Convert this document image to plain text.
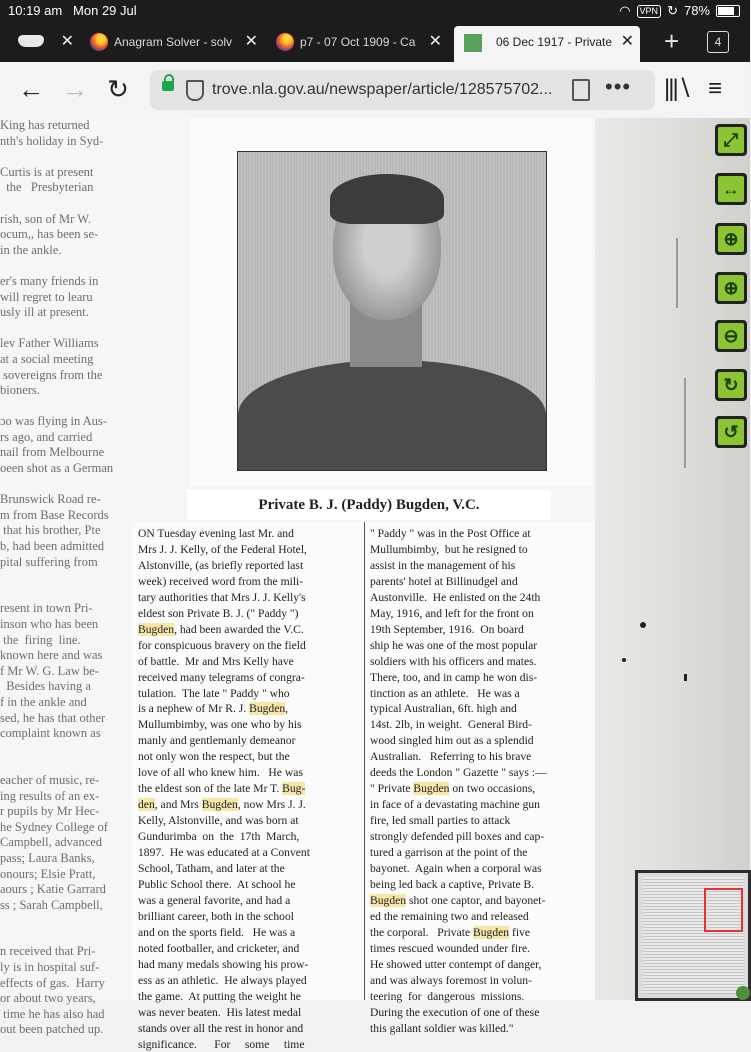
10:19 am Mon 29 Jul	◠	VPN ↻ 78%
✕	Anagram Solver - solv ✕	p7 - 07 Oct 1909 - Ca ✕	06 Dec 1917 - Private ✕ +	4
← → ↻	trove.nla.gov.au/newspaper/article/128575702... ••• |||∖ ≡
King has returned
nth's holiday in Syd-

Curtis is at present
the   Presbyterian

rish, son of Mr W.
ocum,, has been se-
in the ankle.

er's many friends in
will regret to learu
usly ill at present.

lev Father Williams
at a social meeting
sovereigns from the
bioners.

ɔo was flying in Aus-
rs ago, and carried
nail from Melbourne
oeen shot as a German

Brunswick Road re-
m from Base Records
that his brother, Pte
b, had been admitted
pital suffering from

resent in town Pri-
inson who has been
the  firing  line.
known here and was
f Mr W. G. Law be-
Besides having a
f in the ankle and
sed, he has that other
complaint known as

eacher of music, re-
ing results of an ex-
r pupils by Mr Hec-
he Sydney College of
Campbell, advanced
pass; Laura Banks,
onours; Elsie Pratt,
aours ; Katie Garrard
ss ; Sarah Campbell,

n received that Pri-
ly is in hospital suf-
effects of gas.  Harry
or about two years,
time he has also had
out been patched up.
Private B. J. (Paddy) Bugden, V.C.
ON Tuesday evening last Mr. and
Mrs J. J. Kelly, of the Federal Hotel,
Alstonville, (as briefly reported last
week) received word from the mili-
tary authorities that Mrs J. J. Kelly's
eldest son Private B. J. (" Paddy ")
Bugden, had been awarded the V.C.
for conspicuous bravery on the field
of battle.  Mr and Mrs Kelly have
received many telegrams of congra-
tulation.  The late " Paddy " who
is a nephew of Mr R. J. Bugden,
Mullumbimby, was one who by his
manly and gentlemanly demeanor
not only won the respect, but the
love of all who knew him.   He was
the eldest son of the late Mr T. Bug-
den, and Mrs Bugden, now Mrs J. J.
Kelly, Alstonville, and was born at
Gundurimba  on  the  17th  March,
1897.  He was educated at a Convent
School, Tatham, and later at the
Public School there.  At school he
was a general favorite, and had a
brilliant career, both in the school
and on the sports field.   He was a
noted footballer, and cricketer, and
had many medals showing his prow-
ess as an athletic.  He always played
the game.  At putting the weight he
was never beaten.  His latest medal
stands over all the rest in honor and
significance.      For     some     time
" Paddy " was in the Post Office at
Mullumbimby,  but he resigned to
assist in the management of his
parents' hotel at Billinudgel and
Austonville.  He enlisted on the 24th
May, 1916, and left for the front on
19th September, 1916.  On board
ship he was one of the most popular
soldiers with his officers and mates.
There, too, and in camp he won dis-
tinction as an athlete.   He was a
typical Australian, 6ft. high and
14st. 2lb, in weight.  General Bird-
wood singled him out as a splendid
Australian.   Referring to his brave
deeds the London " Gazette " says :—
" Private Bugden on two occasions,
in face of a devastating machine gun
fire, led small parties to attack
strongly defended pill boxes and cap-
tured a garrison at the point of the
bayonet.  Again when a corporal was
being led back a captive, Private B.
Bugden shot one captor, and bayonet-
ed the remaining two and released
the corporal.   Private Bugden five
times rescued wounded under fire.
He showed utter contempt of danger,
and was always foremost in volun-
teering  for  dangerous  missions.
During the execution of one of these
this gallant soldier was killed."
⤢
↔
⊕
⊕
⊖
↻
↺
